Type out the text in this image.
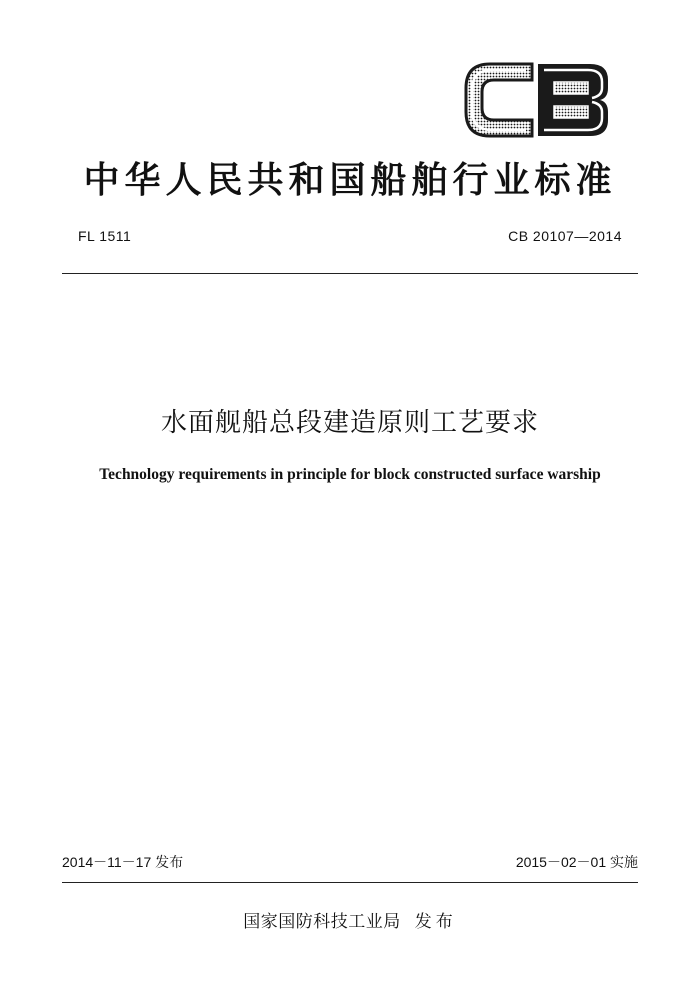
中华人民共和国船舶行业标准
FL 1511	CB 20107—2014
水面舰船总段建造原则工艺要求
Technology requirements in principle for block constructed surface warship
2014－11－17 发布	2015－02－01 实施
国家国防科技工业局 发布
